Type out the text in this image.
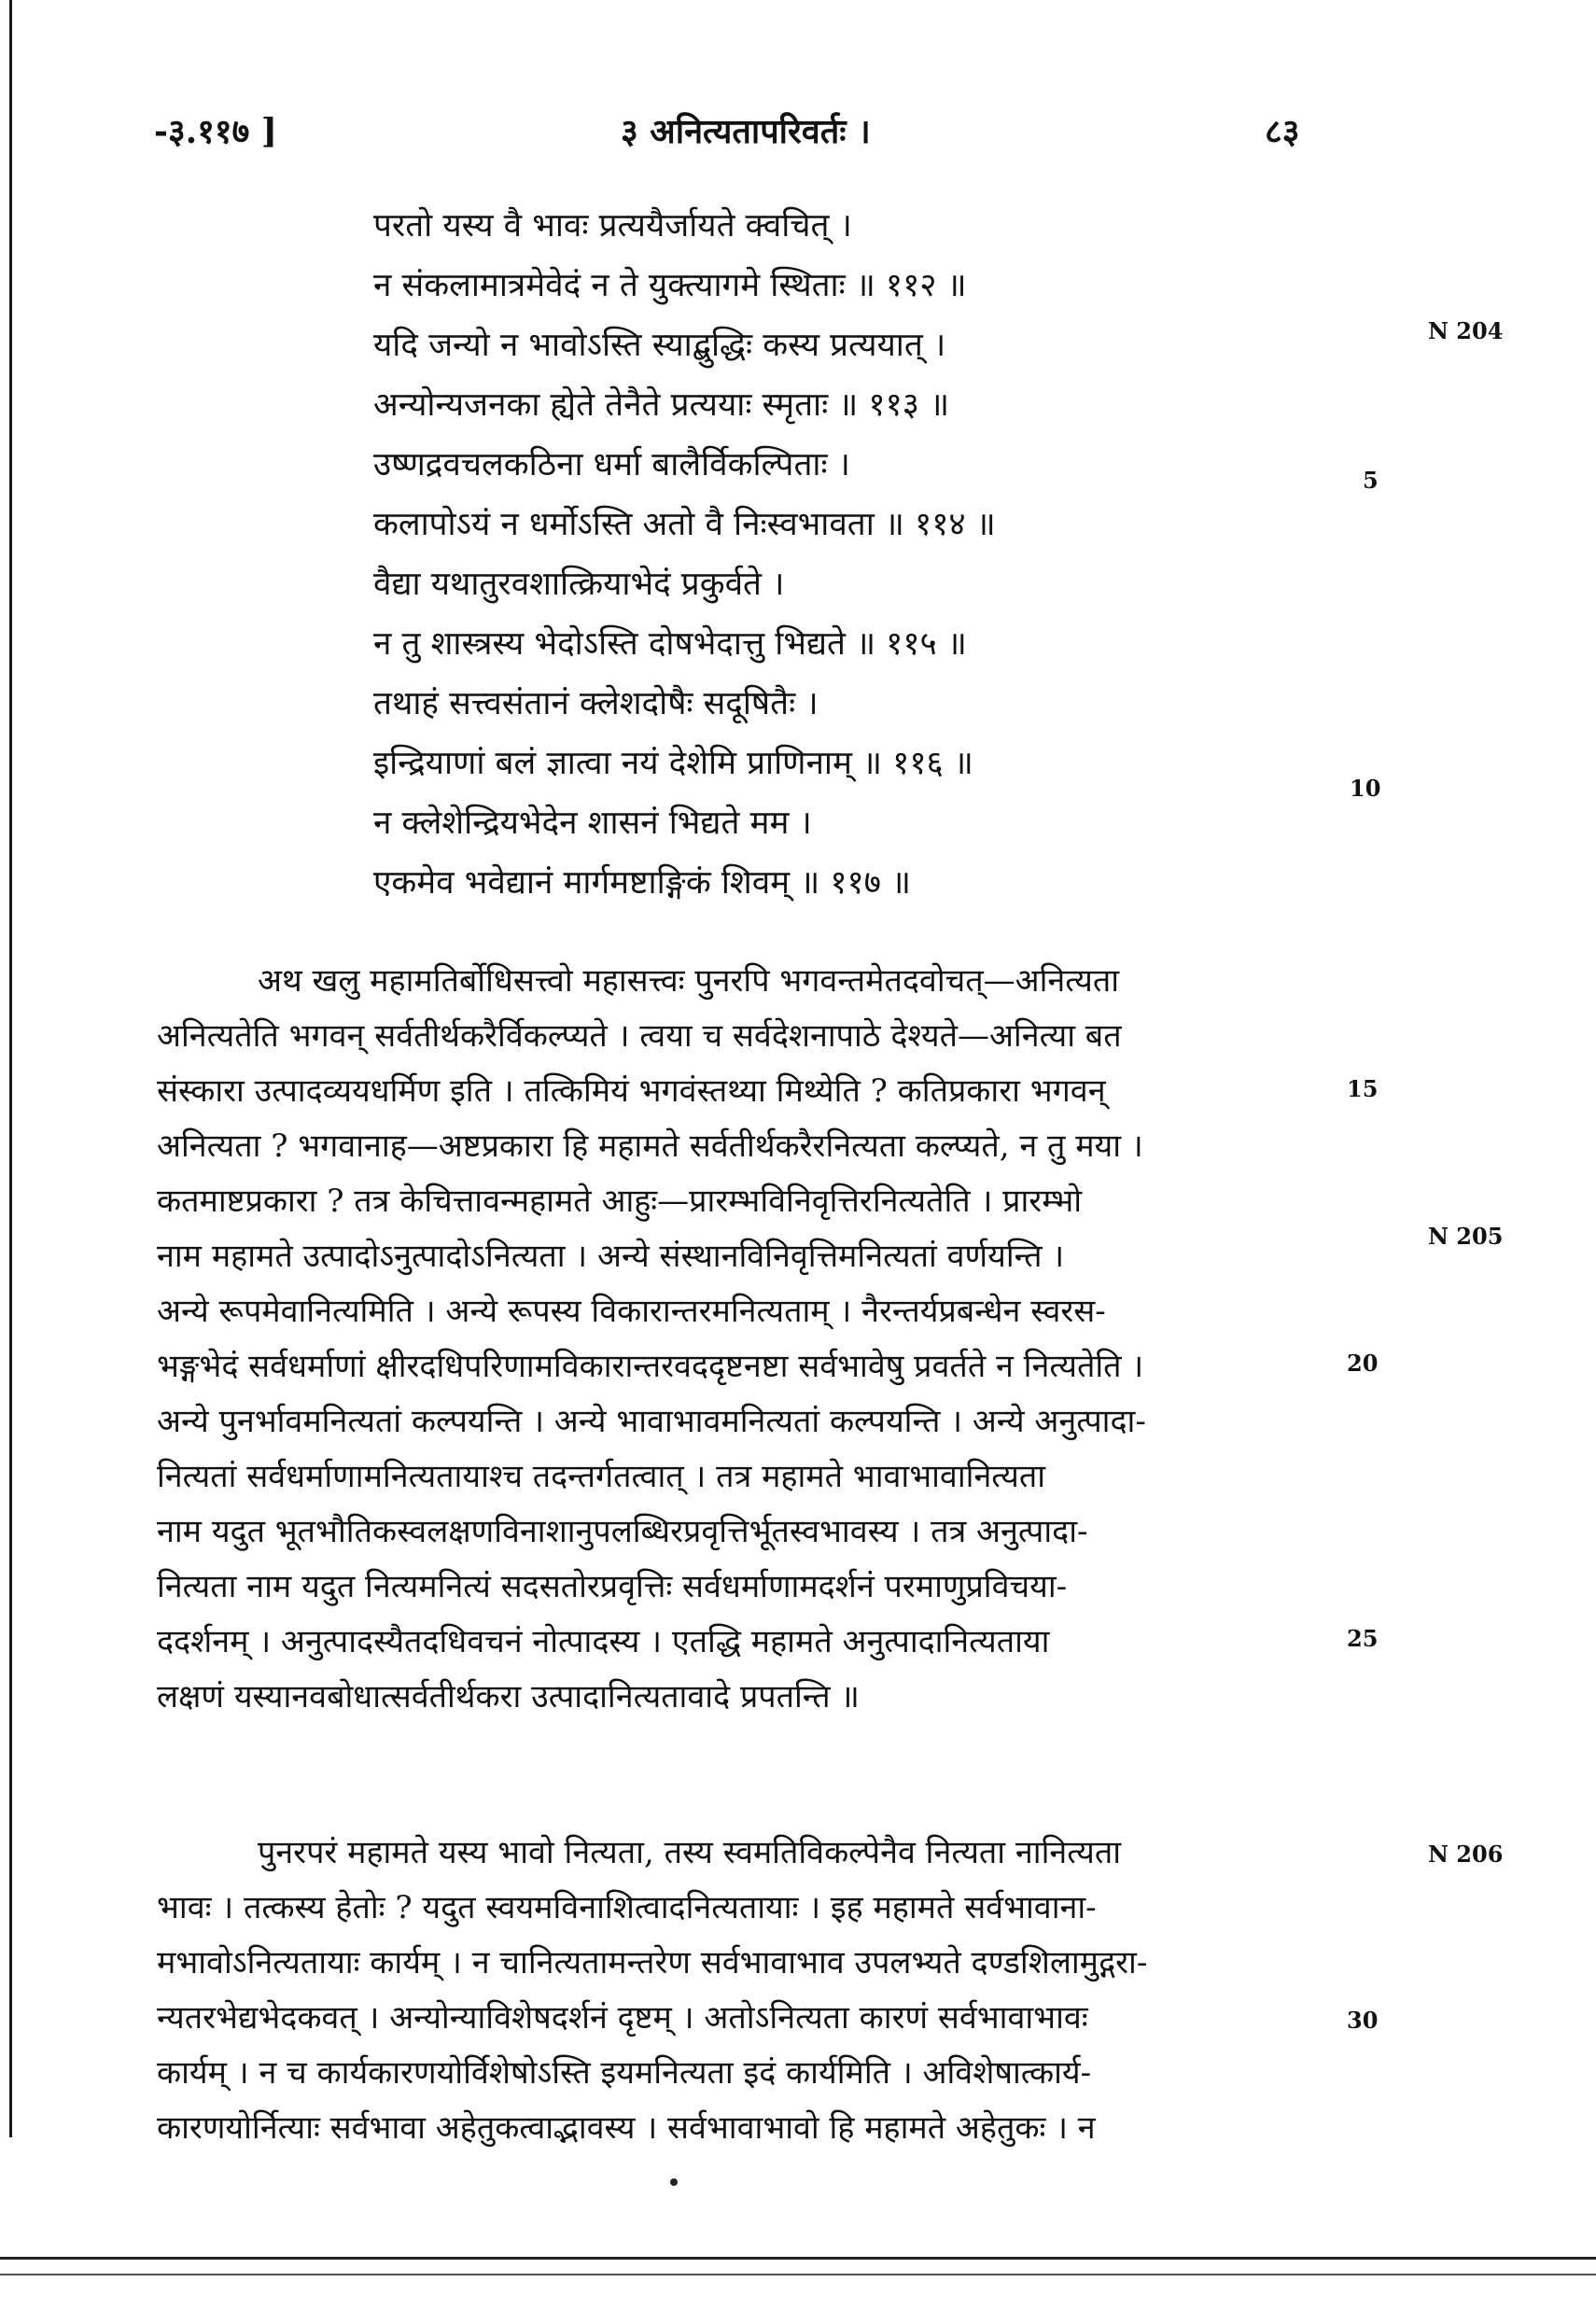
-३.११७ ]	३ अनित्यतापरिवर्तः ।	८३
परतो यस्य वै भावः प्रत्ययैर्जायते क्वचित् ।
न संकलामात्रमेवेदं न ते युक्त्यागमे स्थिताः ॥ ११२ ॥
यदि जन्यो न भावोऽस्ति स्याद्बुद्धिः कस्य प्रत्ययात् ।
अन्योन्यजनका ह्येते तेनैते प्रत्ययाः स्मृताः ॥ ११३ ॥
उष्णद्रवचलकठिना धर्मा बालैर्विकल्पिताः ।
कलापोऽयं न धर्मोऽस्ति अतो वै निःस्वभावता ॥ ११४ ॥
वैद्या यथातुरवशात्क्रियाभेदं प्रकुर्वते ।
न तु शास्त्रस्य भेदोऽस्ति दोषभेदात्तु भिद्यते ॥ ११५ ॥
तथाहं सत्त्वसंतानं क्लेशदोषैः सदूषितैः ।
इन्द्रियाणां बलं ज्ञात्वा नयं देशेमि प्राणिनाम् ॥ ११६ ॥
न क्लेशेन्द्रियभेदेन शासनं भिद्यते मम ।
एकमेव भवेद्यानं मार्गमष्टाङ्गिकं शिवम् ॥ ११७ ॥
N 204
5
10
अथ खलु महामतिर्बोधिसत्त्वो महासत्त्वः पुनरपि भगवन्तमेतदवोचत्—अनित्यता
अनित्यतेति भगवन् सर्वतीर्थकरैर्विकल्प्यते । त्वया च सर्वदेशनापाठे देश्यते—अनित्या बत
संस्कारा उत्पादव्ययधर्मिण इति । तत्किमियं भगवंस्तथ्या मिथ्येति ? कतिप्रकारा भगवन्
अनित्यता ? भगवानाह—अष्टप्रकारा हि महामते सर्वतीर्थकरैरनित्यता कल्प्यते, न तु मया ।
कतमाष्टप्रकारा ? तत्र केचित्तावन्महामते आहुः—प्रारम्भविनिवृत्तिरनित्यतेति । प्रारम्भो
नाम महामते उत्पादोऽनुत्पादोऽनित्यता । अन्ये संस्थानविनिवृत्तिमनित्यतां वर्णयन्ति ।
अन्ये रूपमेवानित्यमिति । अन्ये रूपस्य विकारान्तरमनित्यताम् । नैरन्तर्यप्रबन्धेन स्वरस-
भङ्गभेदं सर्वधर्माणां क्षीरदधिपरिणामविकारान्तरवददृष्टनष्टा सर्वभावेषु प्रवर्तते न नित्यतेति ।
अन्ये पुनर्भावमनित्यतां कल्पयन्ति । अन्ये भावाभावमनित्यतां कल्पयन्ति । अन्ये अनुत्पादा-
नित्यतां सर्वधर्माणामनित्यतायाश्च तदन्तर्गतत्वात् । तत्र महामते भावाभावानित्यता
नाम यदुत भूतभौतिकस्वलक्षणविनाशानुपलब्धिरप्रवृत्तिर्भूतस्वभावस्य । तत्र अनुत्पादा-
नित्यता नाम यदुत नित्यमनित्यं सदसतोरप्रवृत्तिः सर्वधर्माणामदर्शनं परमाणुप्रविचया-
ददर्शनम् । अनुत्पादस्यैतदधिवचनं नोत्पादस्य । एतद्धि महामते अनुत्पादानित्यताया
लक्षणं यस्यानवबोधात्सर्वतीर्थकरा उत्पादानित्यतावादे प्रपतन्ति ॥
15
N 205
20
25
पुनरपरं महामते यस्य भावो नित्यता, तस्य स्वमतिविकल्पेनैव नित्यता नानित्यता
भावः । तत्कस्य हेतोः ? यदुत स्वयमविनाशित्वादनित्यतायाः । इह महामते सर्वभावाना-
मभावोऽनित्यतायाः कार्यम् । न चानित्यतामन्तरेण सर्वभावाभाव उपलभ्यते दण्डशिलामुद्गरा-
न्यतरभेद्यभेदकवत् । अन्योन्याविशेषदर्शनं दृष्टम् । अतोऽनित्यता कारणं सर्वभावाभावः
कार्यम् । न च कार्यकारणयोर्विशेषोऽस्ति इयमनित्यता इदं कार्यमिति । अविशेषात्कार्य-
कारणयोर्नित्याः सर्वभावा अहेतुकत्वाद्भावस्य । सर्वभावाभावो हि महामते अहेतुकः । न
N 206
30
